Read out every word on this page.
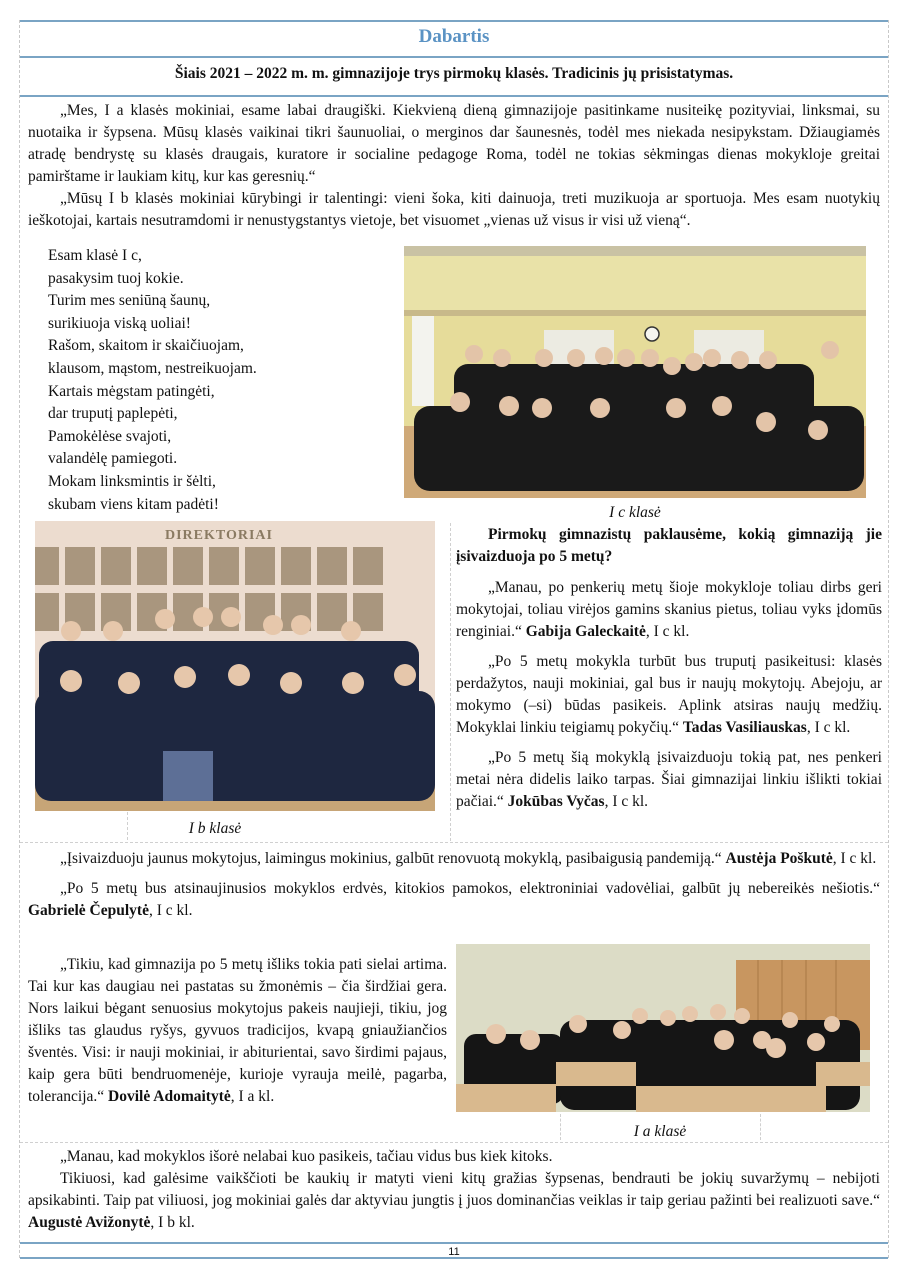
Dabartis
Šiais 2021 – 2022 m. m. gimnazijoje trys pirmokų klasės. Tradicinis jų prisistatymas.

„Mes, I a klasės mokiniai, esame labai draugiški. Kiekvieną dieną gimnazijoje pasitinkame nusiteikę pozityviai, linksmai, su nuotaika ir šypsena. Mūsų klasės vaikinai tikri šaunuoliai, o merginos dar šaunesnės, todėl mes niekada nesipykstam. Džiaugiamės atradę bendrystę su klasės draugais, kuratore ir socialine pedagoge Roma, todėl ne tokias sėkmingas dienas mokykloje greitai pamirštame ir laukiam kitų, kur kas geresnių.“

„Mūsų I b klasės mokiniai kūrybingi ir talentingi: vieni šoka, kiti dainuoja, treti muzikuoja ar sportuoja. Mes esam nuotykių ieškotojai, kartais nesutramdomi ir nenustygstantys vietoje, bet visuomet „vienas už visus ir visi už vieną“.

Esam klasė I c,
pasakysim tuoj kokie.
Turim mes seniūną šaunų,
surikiuoja viską uoliai!
Rašom, skaitom ir skaičiuojam,
klausom, mąstom, nestreikuojam.
Kartais mėgstam patingėti,
dar truputį paplepėti,
Pamokėlėse svajoti,
valandėlę pamiegoti.
Mokam linksmintis ir šėlti,
skubam viens kitam padėti!	I c klasė
DIREKTORIAI
I b klasė

Pirmokų gimnazistų paklausėme, kokią gimnaziją jie įsivaizduoja po 5 metų?

„Manau, po penkerių metų šioje mokykloje toliau dirbs geri mokytojai, toliau virėjos gamins skanius pietus, toliau vyks įdomūs renginiai.“ Gabija Galeckaitė, I c kl.

„Po 5 metų mokykla turbūt bus truputį pasikeitusi: klasės perdažytos, nauji mokiniai, gal bus ir naujų mokytojų. Abejoju, ar mokymo (–si) būdas pasikeis. Aplink atsiras naujų medžių. Mokyklai linkiu teigiamų pokyčių.“ Tadas Vasiliauskas, I c kl.

„Po 5 metų šią mokyklą įsivaizduoju tokią pat, nes penkeri metai nėra didelis laiko tarpas. Šiai gimnazijai linkiu išlikti tokiai pačiai.“ Jokūbas Vyčas, I c kl.

„Įsivaizduoju jaunus mokytojus, laimingus mokinius, galbūt renovuotą mokyklą, pasibaigusią pandemiją.“ Austėja Poškutė, I c kl.

„Po 5 metų bus atsinaujinusios mokyklos erdvės, kitokios pamokos, elektroniniai vadovėliai, galbūt jų nebereikės nešiotis.“ Gabrielė Čepulytė, I c kl.

„Tikiu, kad gimnazija po 5 metų išliks tokia pati sielai artima. Tai kur kas daugiau nei pastatas su žmonėmis – čia širdžiai gera. Nors laikui bėgant senuosius mokytojus pakeis naujieji, tikiu, jog išliks tas glaudus ryšys, gyvuos tradicijos, kvapą gniaužiančios šventės. Visi: ir nauji mokiniai, ir abiturientai, savo širdimi pajaus, kaip gera būti bendruomenėje, kurioje vyrauja meilė, pagarba, tolerancija.“ Dovilė Adomaitytė, I a kl.

I a klasė

„Manau, kad mokyklos išorė nelabai kuo pasikeis, tačiau vidus bus kiek kitoks.

Tikiuosi, kad galėsime vaikščioti be kaukių ir matyti vieni kitų gražias šypsenas, bendrauti be jokių suvaržymų – nebijoti apsikabinti. Taip pat viliuosi, jog mokiniai galės dar aktyviau jungtis į juos dominančias veiklas ir taip geriau pažinti bei realizuoti save.“ Augustė Avižonytė, I b kl.

11
